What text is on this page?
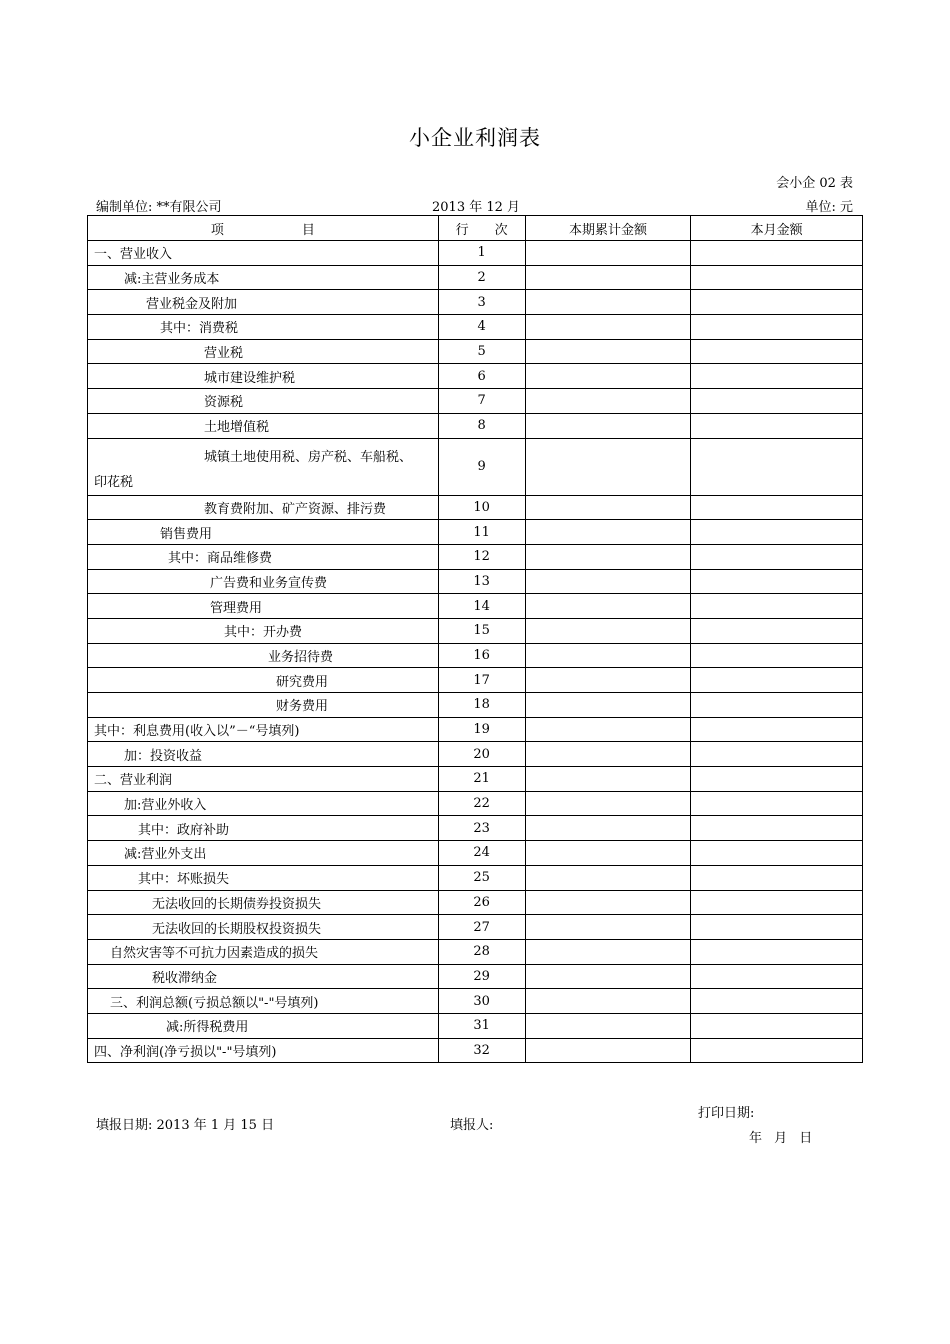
小企业利润表
会小企 02 表
编制单位: **有限公司	2013 年 12 月	单位: 元
项　　　　　　目	行　　次	本期累计金额	本月金额
一、营业收入	1		
减:主营业务成本	2		
营业税金及附加	3		
其中：消费税	4		
营业税	5		
城市建设维护税	6		
资源税	7		
土地增值税	8		

城镇土地使用税、房产税、车船税、
印花税	9		
教育费附加、矿产资源、排污费	10		
销售费用	11		
其中：商品维修费	12		
广告费和业务宣传费	13		
管理费用	14		
其中：开办费	15		
业务招待费	16		
研究费用	17		
财务费用	18		
其中：利息费用(收入以”－“号填列)	19		
加：投资收益	20		
二、营业利润	21		
加:营业外收入	22		
其中：政府补助	23		
减:营业外支出	24		
其中：坏账损失	25		
无法收回的长期债券投资损失	26		
无法收回的长期股权投资损失	27		
自然灾害等不可抗力因素造成的损失	28		
税收滞纳金	29		
三、利润总额(亏损总额以"-"号填列)	30		
减:所得税费用	31		
四、净利润(净亏损以"-"号填列)	32		
填报日期: 2013 年 1 月 15 日	填报人:
打印日期:
年 月 日
